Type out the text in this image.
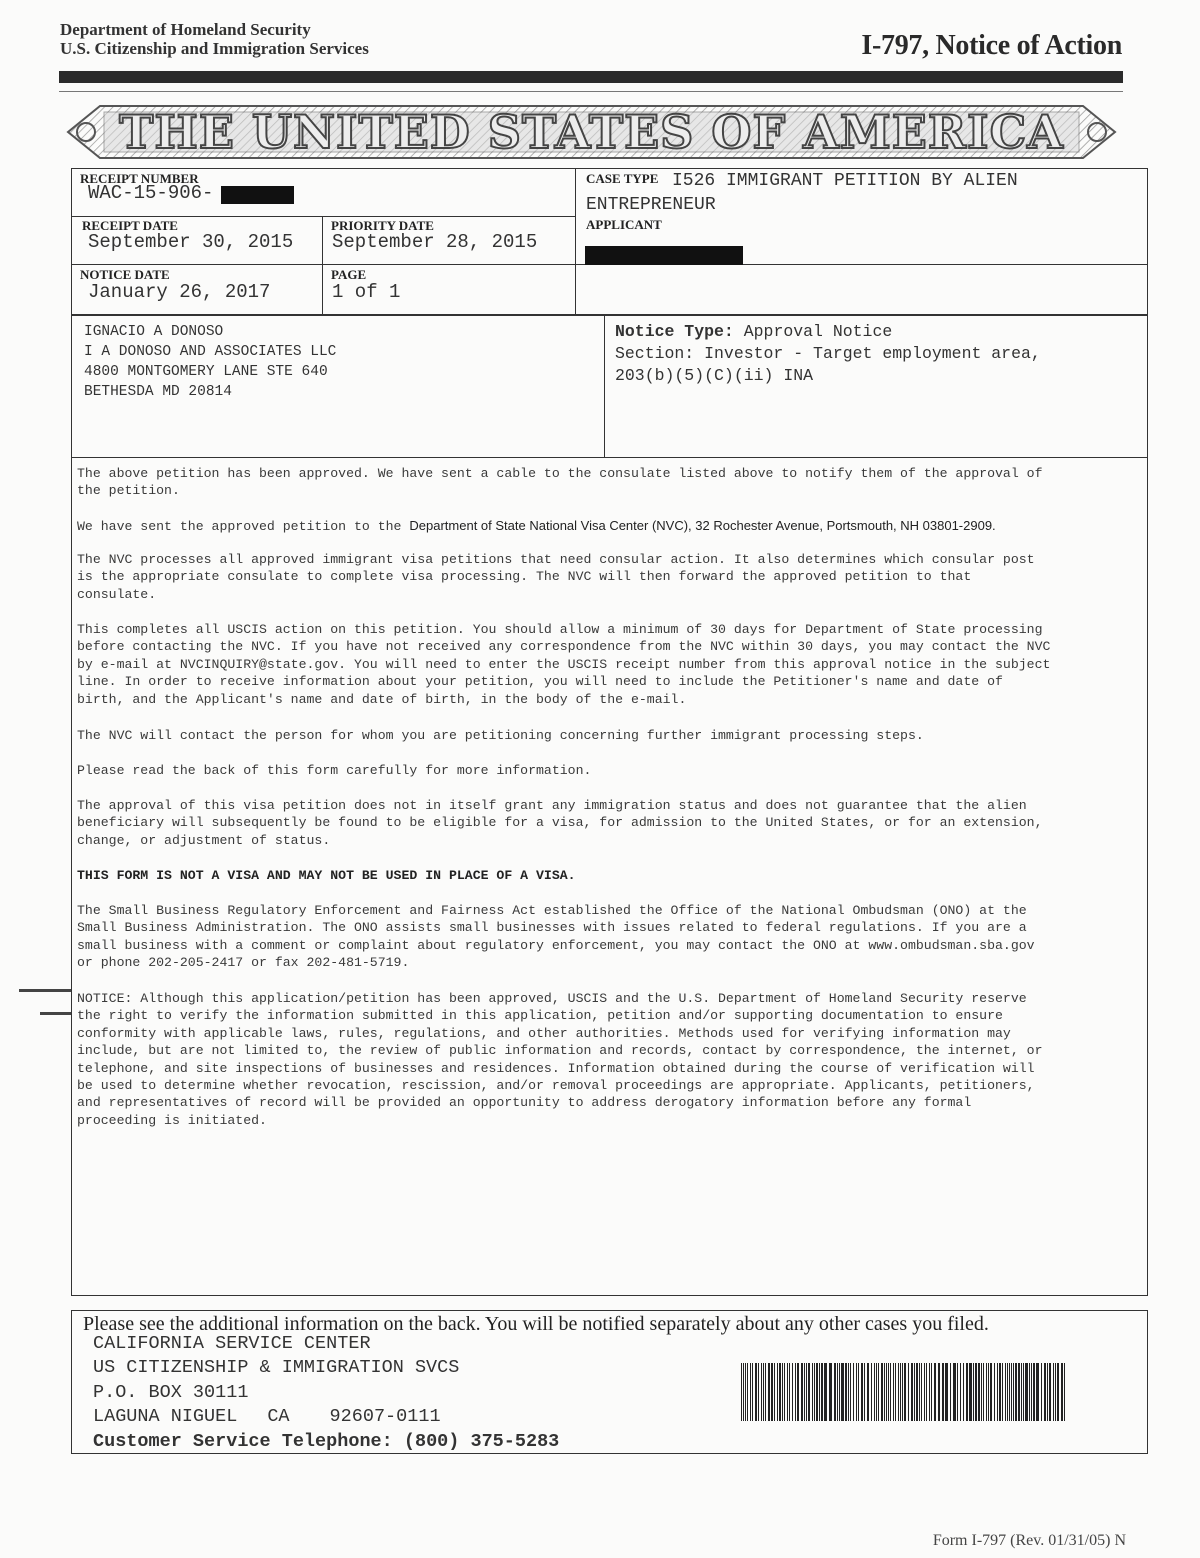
Department of Homeland Security
U.S. Citizenship and Immigration Services	I-797, Notice of Action
THE UNITED STATES OF AMERICA
RECEIPT NUMBER
WAC-15-906-
CASE TYPE I526 IMMIGRANT PETITION BY ALIEN
ENTREPRENEUR
APPLICANT
RECEIPT DATE
September 30, 2015
PRIORITY DATE
September 28, 2015
NOTICE DATE
January 26, 2017
PAGE
1 of 1
IGNACIO A DONOSO
I A DONOSO AND ASSOCIATES LLC
4800 MONTGOMERY LANE STE 640
BETHESDA MD 20814
Notice Type: Approval Notice
Section: Investor - Target employment area,
203(b)(5)(C)(ii) INA
The above petition has been approved. We have sent a cable to the consulate listed above to notify them of the approval of
the petition.
We have sent the approved petition to the Department of State National Visa Center (NVC), 32 Rochester Avenue, Portsmouth, NH 03801-2909.
The NVC processes all approved immigrant visa petitions that need consular action. It also determines which consular post
is the appropriate consulate to complete visa processing. The NVC will then forward the approved petition to that
consulate.
This completes all USCIS action on this petition. You should allow a minimum of 30 days for Department of State processing
before contacting the NVC. If you have not received any correspondence from the NVC within 30 days, you may contact the NVC
by e-mail at NVCINQUIRY@state.gov. You will need to enter the USCIS receipt number from this approval notice in the subject
line. In order to receive information about your petition, you will need to include the Petitioner's name and date of
birth, and the Applicant's name and date of birth, in the body of the e-mail.
The NVC will contact the person for whom you are petitioning concerning further immigrant processing steps.
Please read the back of this form carefully for more information.
The approval of this visa petition does not in itself grant any immigration status and does not guarantee that the alien
beneficiary will subsequently be found to be eligible for a visa, for admission to the United States, or for an extension,
change, or adjustment of status.
THIS FORM IS NOT A VISA AND MAY NOT BE USED IN PLACE OF A VISA.
The Small Business Regulatory Enforcement and Fairness Act established the Office of the National Ombudsman (ONO) at the
Small Business Administration. The ONO assists small businesses with issues related to federal regulations. If you are a
small business with a comment or complaint about regulatory enforcement, you may contact the ONO at www.ombudsman.sba.gov
or phone 202-205-2417 or fax 202-481-5719.
NOTICE: Although this application/petition has been approved, USCIS and the U.S. Department of Homeland Security reserve
the right to verify the information submitted in this application, petition and/or supporting documentation to ensure
conformity with applicable laws, rules, regulations, and other authorities. Methods used for verifying information may
include, but are not limited to, the review of public information and records, contact by correspondence, the internet, or
telephone, and site inspections of businesses and residences. Information obtained during the course of verification will
be used to determine whether revocation, rescission, and/or removal proceedings are appropriate. Applicants, petitioners,
and representatives of record will be provided an opportunity to address derogatory information before any formal
proceeding is initiated.
Please see the additional information on the back. You will be notified separately about any other cases you filed.
CALIFORNIA SERVICE CENTER
US CITIZENSHIP & IMMIGRATION SVCS
P.O. BOX 30111
LAGUNA NIGUEL CA 92607-0111
Customer Service Telephone: (800) 375-5283
Form I-797 (Rev. 01/31/05) N
